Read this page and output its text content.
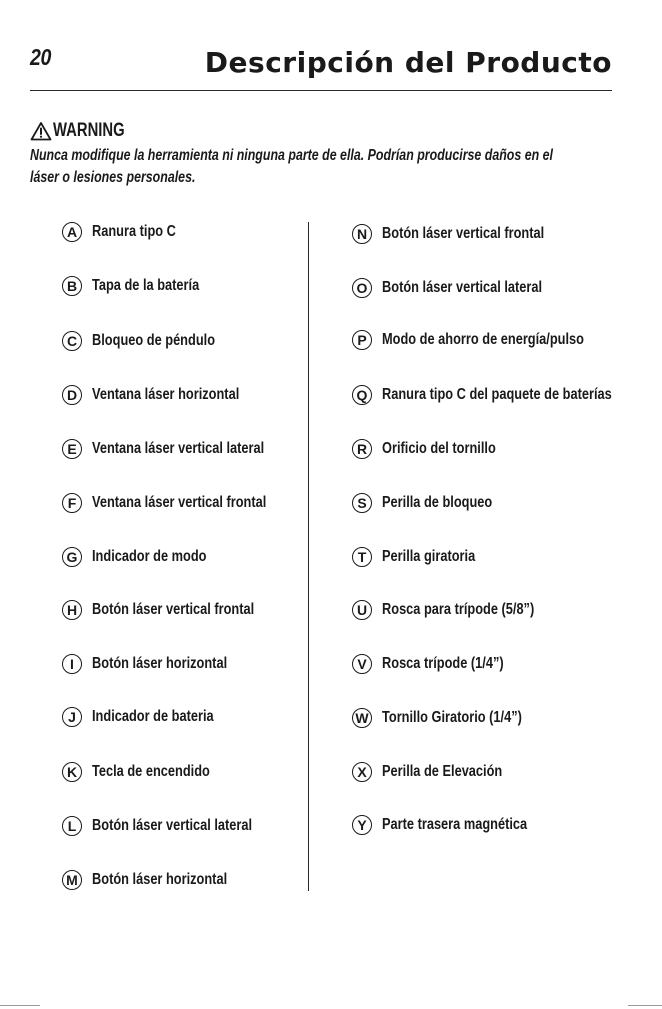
20	Descripción del Producto
WARNING
Nunca modifique la herramienta ni ninguna parte de ella. Podrían producirse daños en el
láser o lesiones personales.
A Ranura tipo C
B Tapa de la batería
C Bloqueo de péndulo
D Ventana láser horizontal
E Ventana láser vertical lateral
F Ventana láser vertical frontal
G Indicador de modo
H Botón láser vertical frontal
I	Botón láser horizontal
J	Indicador de bateria
K Tecla de encendido
L Botón láser vertical lateral
M Botón láser horizontal
N Botón láser vertical frontal
O Botón láser vertical lateral
P Modo de ahorro de energía/pulso
Q Ranura tipo C del paquete de baterías
R Orificio del tornillo
S Perilla de bloqueo
T Perilla giratoria
U Rosca para trípode (5/8”)
V Rosca trípode (1/4”)
W Tornillo Giratorio (1/4”)
X Perilla de Elevación
Y Parte trasera magnética
